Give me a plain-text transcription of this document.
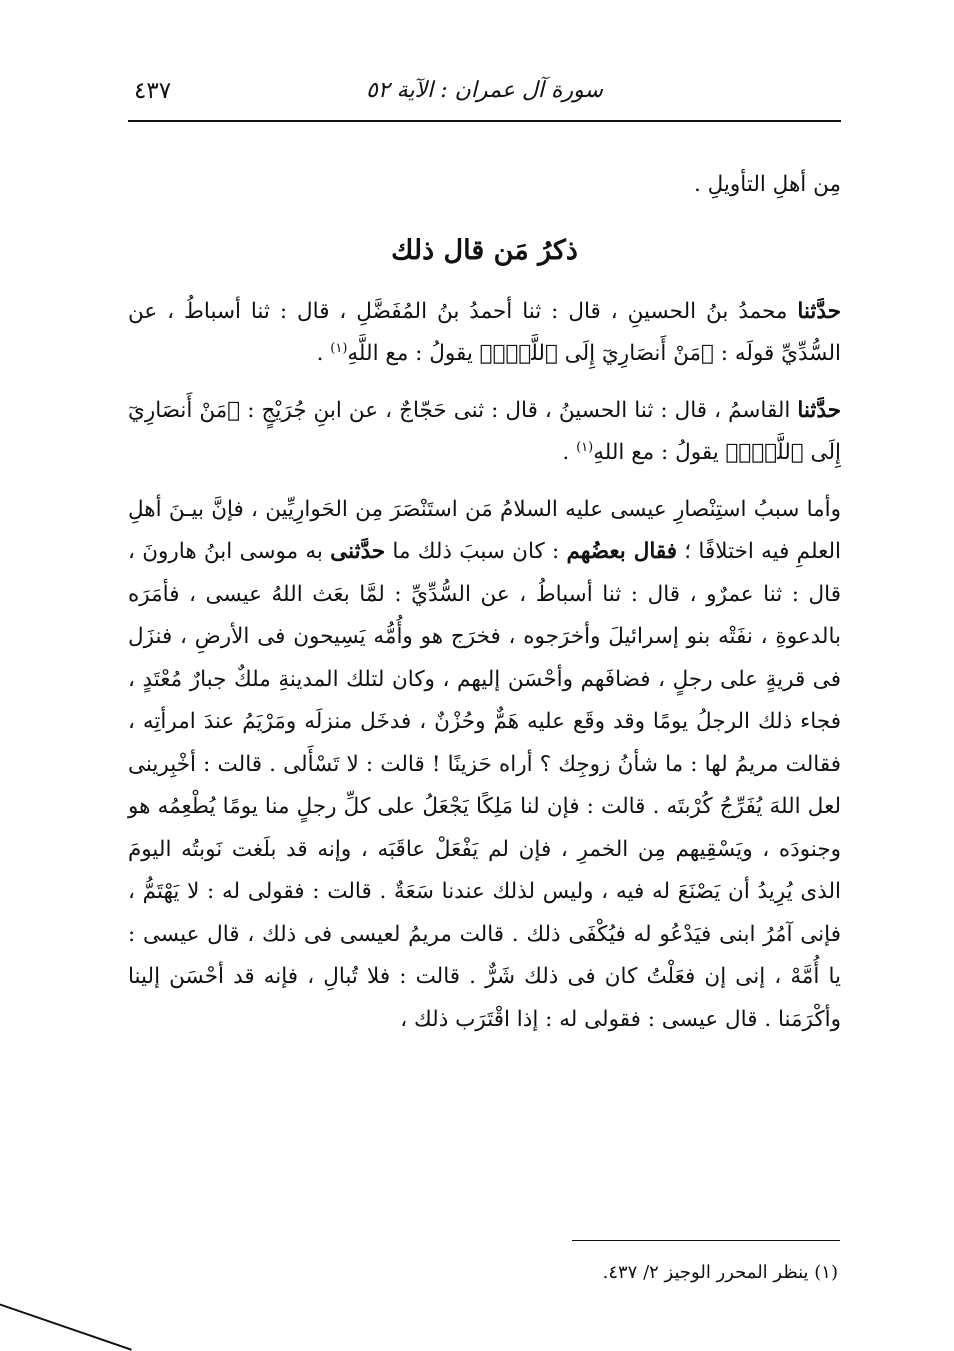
٤٣٧	سورة آل عمران : الآية ٥٢

مِن أهلِ التأويلِ .

ذكرُ مَن قال ذلك

حدَّثنا محمدُ بنُ الحسينِ ، قال : ثنا أحمدُ بنُ المُفَضَّلِ ، قال : ثنا أسباطُ ، عن السُّدِّيِّ قولَه : ﴿مَنْ أَنصَارِيٓ إِلَى ٱللَّهِۖ﴾ يقولُ : مع اللَّهِ$^{(١)}$ .

حدَّثنا القاسمُ ، قال : ثنا الحسينُ ، قال : ثنى حَجّاجٌ ، عن ابنِ جُرَيْجٍ : ﴿مَنْ أَنصَارِيٓ إِلَى ٱللَّهِۖ﴾ يقولُ : مع اللهِ$^{(١)}$ .

وأما سببُ استِنْصارِ عيسى عليه السلامُ مَن استَنْصَرَ مِن الحَوارِيِّين ، فإنَّ بيـنَ أهلِ العلمِ فيه اختلافًا ؛ فقال بعضُهم : كان سببَ ذلك ما حدَّثنى به موسى ابنُ هارونَ ، قال : ثنا عمرٌو ، قال : ثنا أسباطُ ، عن السُّدِّيِّ : لمَّا بعَث اللهُ عيسى ، فأمَرَه بالدعوةِ ، نفَتْه بنو إسرائيلَ وأخرَجوه ، فخرَج هو وأُمُّه يَسِيحون فى الأرضِ ، فنزَل فى قريةٍ على رجلٍ ، فضافَهم وأحْسَن إليهم ، وكان لتلك المدينةِ ملكٌ جبارٌ مُعْتَدٍ ، فجاء ذلك الرجلُ يومًا وقد وقَع عليه هَمٌّ وحُزْنٌ ، فدخَل منزلَه ومَرْيَمُ عندَ امرأتِه ، فقالت مريمُ لها : ما شأنُ زوجِك ؟ أراه حَزينًا ! قالت : لا تَسْأَلى . قالت : أخْبِرينى لعل اللهَ يُفَرِّجُ كُرْبتَه . قالت : فإن لنا مَلِكًا يَجْعَلُ على كلِّ رجلٍ منا يومًا يُطْعِمُه هو وجنودَه ، ويَسْقِيهم مِن الخمرِ ، فإن لم يَفْعَلْ عاقَبَه ، وإنه قد بلَغت نَوبتُه اليومَ الذى يُرِيدُ أن يَصْنَعَ له فيه ، وليس لذلك عندنا سَعَةٌ . قالت : فقولى له : لا يَهْتَمُّ ، فإنى آمُرُ ابنى فيَدْعُو له فيُكْفَى ذلك . قالت مريمُ لعيسى فى ذلك ، قال عيسى : يا أُمَّهْ ، إنى إن فعَلْتُ كان فى ذلك شَرٌّ . قالت : فلا تُبالِ ، فإنه قد أحْسَن إلينا وأكْرَمَنا . قال عيسى : فقولى له : إذا اقْتَرَب ذلك ،

(١) ينظر المحرر الوجيز ٢/ ٤٣٧.
